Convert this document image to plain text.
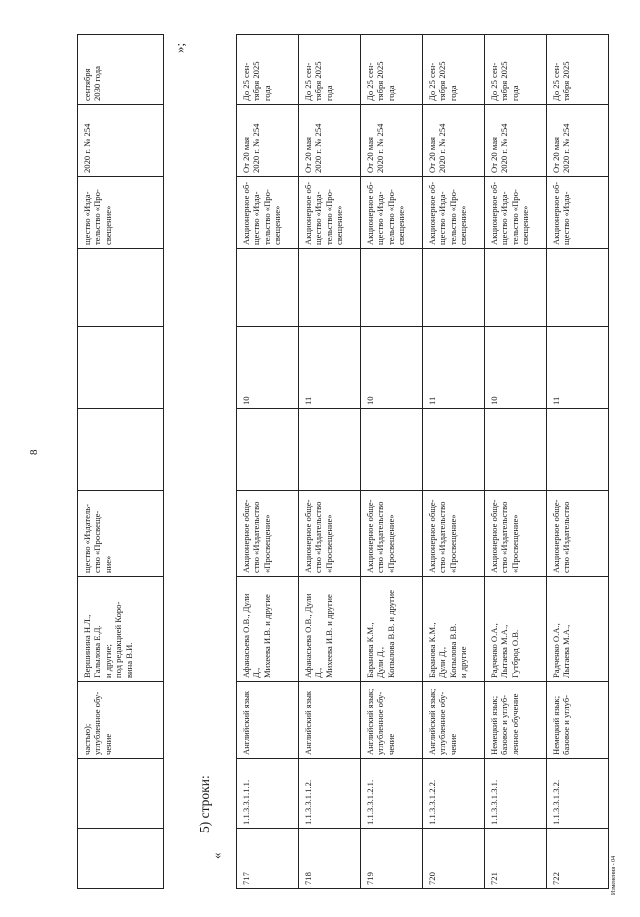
8
частью);
углубленное обу-
чение
Вершинина Н.Л.,
Галылова Е.Д.
и другие;
под редакцией Коро-
вина В.И.
щество «Издатель-
ство «Просвеще-
ние»
щество «Изда-
тельство «Про-
свещение»
2020 г. № 254
сентября
2030 года
«
5) строки:
»;
717
1.1.3.3.1.1.1.
Английский язык
Афанасьева О.В., Дули
Д.,
Михеева И.В. и другие
Акционерное обще-
ство «Издательство
«Просвещение»
10
Акционерное об-
щество «Изда-
тельство «Про-
свещение»
От 20 мая
2020 г. № 254
До 25 сен-
тября 2025
года
718
1.1.3.3.1.1.2.
Английский язык
Афанасьева О.В., Дули
Д.,
Михеева И.В. и другие
Акционерное обще-
ство «Издательство
«Просвещение»
11
Акционерное об-
щество «Изда-
тельство «Про-
свещение»
От 20 мая
2020 г. № 254
До 25 сен-
тября 2025
года
719
1.1.3.3.1.2.1.
Английский язык;
углубленное обу-
чение
Баранова К.М.,
Дули Д.,
Копылова В.В. и другие
Акционерное обще-
ство «Издательство
«Просвещение»
10
Акционерное об-
щество «Изда-
тельство «Про-
свещение»
От 20 мая
2020 г. № 254
До 25 сен-
тября 2025
года
720
1.1.3.3.1.2.2.
Английский язык;
углубленное обу-
чение
Баранова К.М.,
Дули Д.,
Копылова В.В.
и другие
Акционерное обще-
ство «Издательство
«Просвещение»
11
Акционерное об-
щество «Изда-
тельство «Про-
свещение»
От 20 мая
2020 г. № 254
До 25 сен-
тября 2025
года
721
1.1.3.3.1.3.1.
Немецкий язык;
базовое и углуб-
ленное обучение
Радченко О.А.,
Лытаева М.А.,
Гутброд О.В.
Акционерное обще-
ство «Издательство
«Просвещение»
10
Акционерное об-
щество «Изда-
тельство «Про-
свещение»
От 20 мая
2020 г. № 254
До 25 сен-
тября 2025
года
722
1.1.3.3.1.3.2.
Немецкий язык;
базовое и углуб-
Радченко О.А.,
Лытаева М.А.,
Акционерное обще-
ство «Издательство
11
Акционерное об-
щество «Изда-
От 20 мая
2020 г. № 254
До 25 сен-
тября 2025
Изменения - 04
